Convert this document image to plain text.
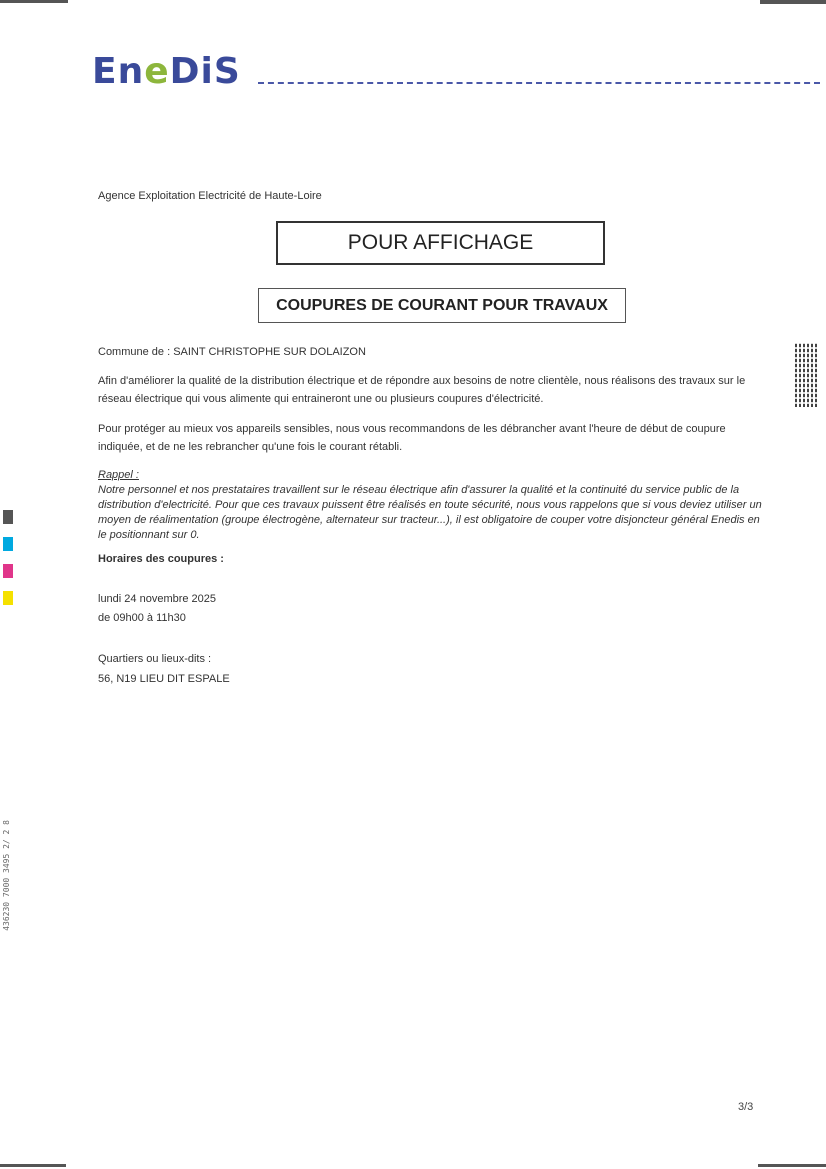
EneDiS
Agence Exploitation Electricité de Haute-Loire
POUR AFFICHAGE
COUPURES DE COURANT POUR TRAVAUX
Commune de : SAINT CHRISTOPHE SUR DOLAIZON
Afin d'améliorer la qualité de la distribution électrique et de répondre aux besoins de notre clientèle, nous réalisons des travaux sur le réseau électrique qui vous alimente qui entraineront une ou plusieurs coupures d'électricité.
Pour protéger au mieux vos appareils sensibles, nous vous recommandons de les débrancher avant l'heure de début de coupure indiquée, et de ne les rebrancher qu'une fois le courant rétabli.
Rappel :
Notre personnel et nos prestataires travaillent sur le réseau électrique afin d'assurer la qualité et la continuité du service public de la distribution d'electricité. Pour que ces travaux puissent être réalisés en toute sécurité, nous vous rappelons que si vous deviez utiliser un moyen de réalimentation (groupe électrogène, alternateur sur tracteur...), il est obligatoire de couper votre disjoncteur général Enedis en le positionnant sur 0.
Horaires des coupures :
lundi 24 novembre 2025
de 09h00 à 11h30
Quartiers ou lieux-dits :
56, N19 LIEU DIT ESPALE
3/3
436230 7000 3495 2/ 2 8
